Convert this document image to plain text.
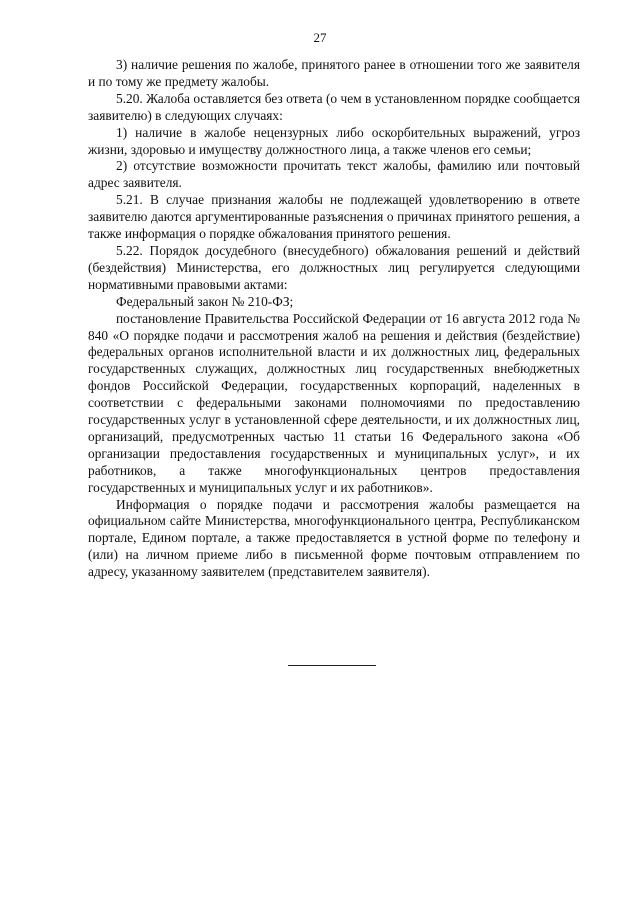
27

3) наличие решения по жалобе, принятого ранее в отношении того же заявителя и по тому же предмету жалобы.

5.20. Жалоба оставляется без ответа (о чем в установленном порядке сообщается заявителю) в следующих случаях:

1) наличие в жалобе нецензурных либо оскорбительных выражений, угроз жизни, здоровью и имуществу должностного лица, а также членов его семьи;

2) отсутствие возможности прочитать текст жалобы, фамилию или почтовый адрес заявителя.

5.21. В случае признания жалобы не подлежащей удовлетворению в ответе заявителю даются аргументированные разъяснения о причинах принятого решения, а также информация о порядке обжалования принятого решения.

5.22. Порядок досудебного (внесудебного) обжалования решений и действий (бездействия) Министерства, его должностных лиц регулируется следующими нормативными правовыми актами:

Федеральный закон № 210-ФЗ;

постановление Правительства Российской Федерации от 16 августа 2012 года № 840 «О порядке подачи и рассмотрения жалоб на решения и действия (бездействие) федеральных органов исполнительной власти и их должностных лиц, федеральных государственных служащих, должностных лиц государственных внебюджетных фондов Российской Федерации, государственных корпораций, наделенных в соответствии с федеральными законами полномочиями по предоставлению государственных услуг в установленной сфере деятельности, и их должностных лиц, организаций, предусмотренных частью 11 статьи 16 Федерального закона «Об организации предоставления государственных и муниципальных услуг», и их работников, а также многофункциональных центров предоставления государственных и муниципальных услуг и их работников».

Информация о порядке подачи и рассмотрения жалобы размещается на официальном сайте Министерства, многофункционального центра, Республиканском портале, Едином портале, а также предоставляется в устной форме по телефону и (или) на личном приеме либо в письменной форме почтовым отправлением по адресу, указанному заявителем (представителем заявителя).
